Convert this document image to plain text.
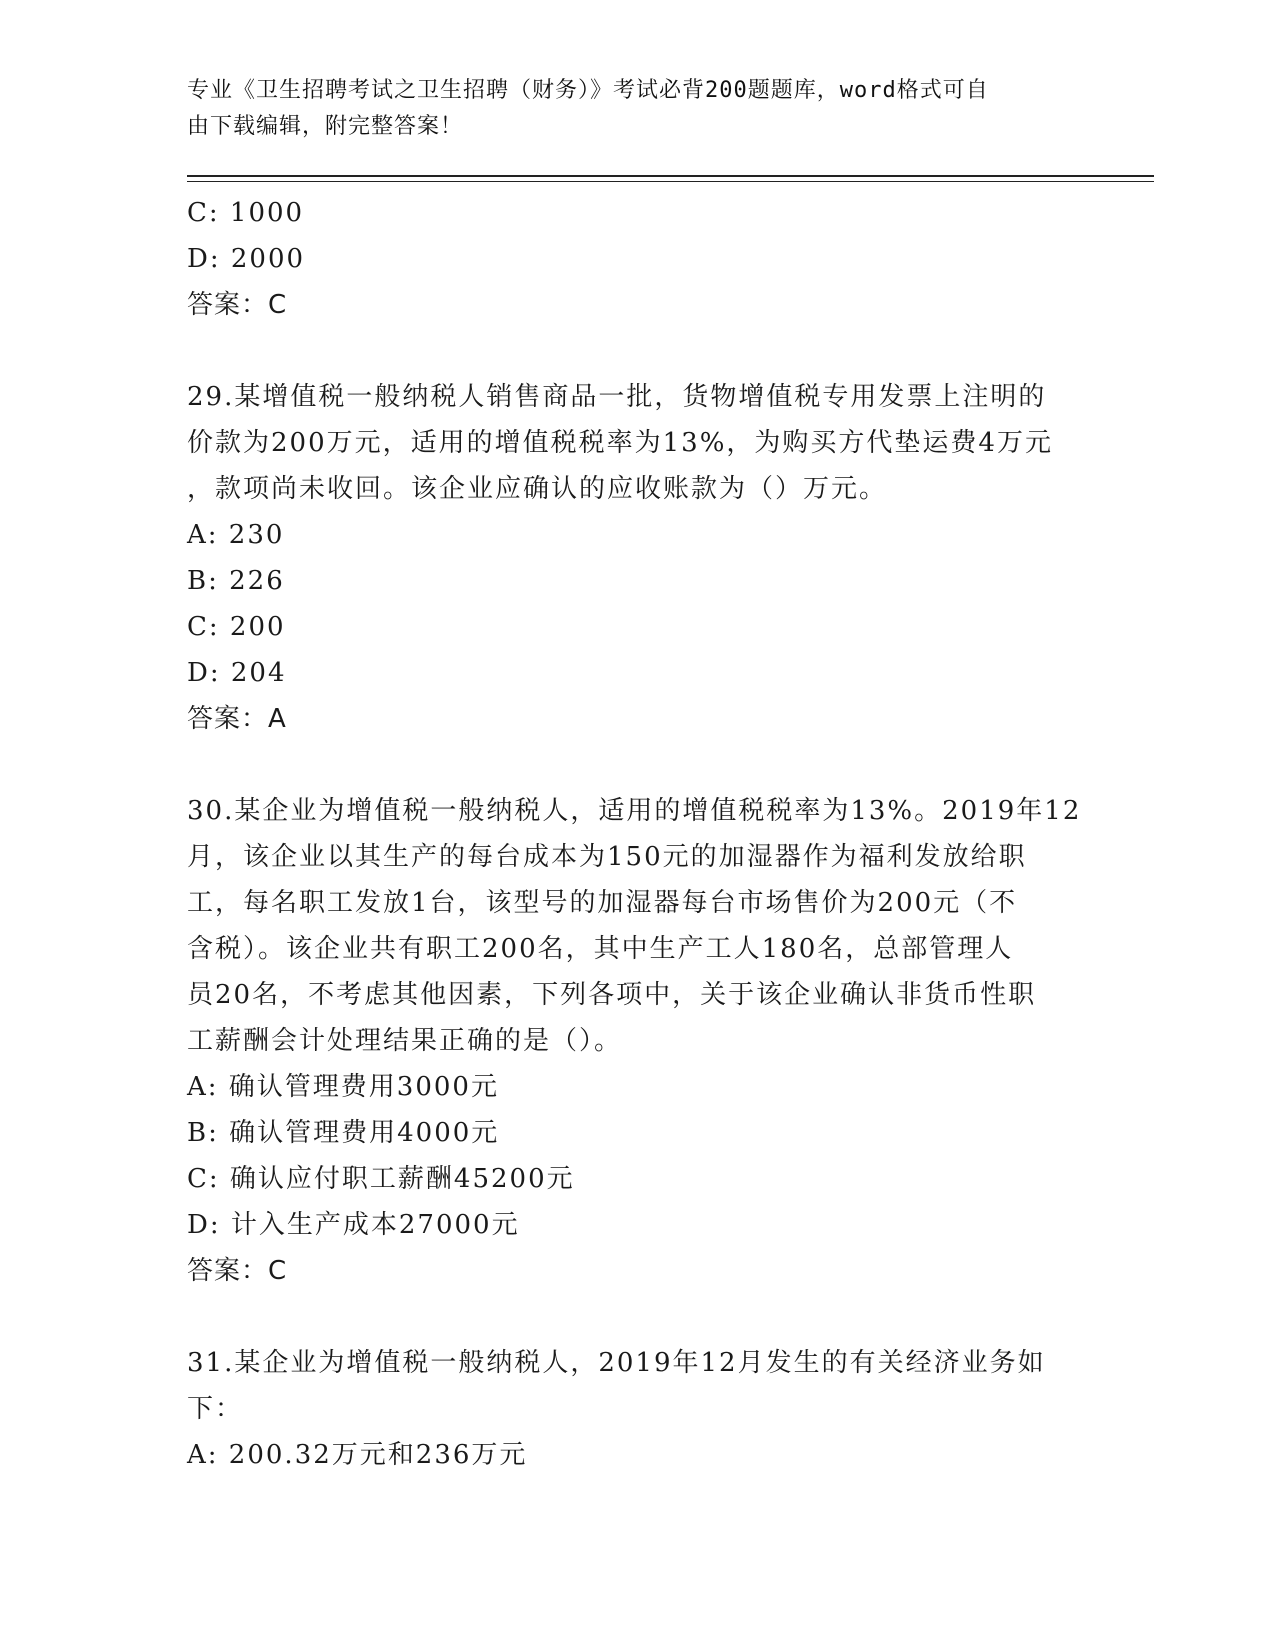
专业《卫生招聘考试之卫生招聘（财务）》考试必背200题题库，word格式可自
由下载编辑，附完整答案！
C: 1000
D: 2000
答案：C
29.某增值税一般纳税人销售商品一批，货物增值税专用发票上注明的
价款为200万元，适用的增值税税率为13%，为购买方代垫运费4万元
，款项尚未收回。该企业应确认的应收账款为（）万元。
A: 230
B: 226
C: 200
D: 204
答案：A
30.某企业为增值税一般纳税人，适用的增值税税率为13%。2019年12
月，该企业以其生产的每台成本为150元的加湿器作为福利发放给职
工，每名职工发放1台，该型号的加湿器每台市场售价为200元（不
含税）。该企业共有职工200名，其中生产工人180名，总部管理人
员20名，不考虑其他因素，下列各项中，关于该企业确认非货币性职
工薪酬会计处理结果正确的是（）。
A: 确认管理费用3000元
B: 确认管理费用4000元
C: 确认应付职工薪酬45200元
D: 计入生产成本27000元
答案：C
31.某企业为增值税一般纳税人，2019年12月发生的有关经济业务如
下：
A: 200.32万元和236万元
